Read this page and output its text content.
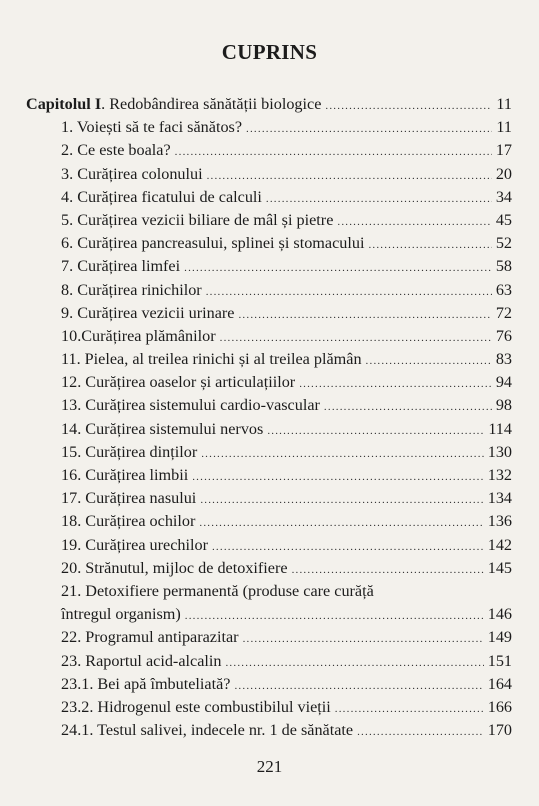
CUPRINS
Capitolul I. Redobândirea sănătății biologice .....	11
1. Voiești să te faci sănătos? .....	11
2. Ce este boala? .....	17
3. Curățirea colonului .....	20
4. Curățirea ficatului de calculi .....	34
5. Curățirea vezicii biliare de mâl și pietre .....	45
6. Curățirea pancreasului, splinei și stomacului .....	52
7. Curățirea limfei .....	58
8. Curățirea rinichilor .....	63
9. Curățirea vezicii urinare .....	72
10.Curățirea plămânilor .....	76
11. Pielea, al treilea rinichi și al treilea plămân .....	83
12. Curățirea oaselor și articulațiilor .....	94
13. Curățirea sistemului cardio-vascular .....	98
14. Curățirea sistemului nervos .....	114
15. Curățirea dinților .....	130
16. Curățirea limbii .....	132
17. Curățirea nasului .....	134
18. Curățirea ochilor .....	136
19. Curățirea urechilor .....	142
20. Strănutul, mijloc de detoxifiere .....	145
21. Detoxifiere permanentă (produse care curăță
întregul organism) .....	146
22. Programul antiparazitar .....	149
23. Raportul acid-alcalin .....	151
23.1. Bei apă îmbuteliată? .....	164
23.2. Hidrogenul este combustibilul vieții .....	166
24.1. Testul salivei, indecele nr. 1 de sănătate .....	170
221
